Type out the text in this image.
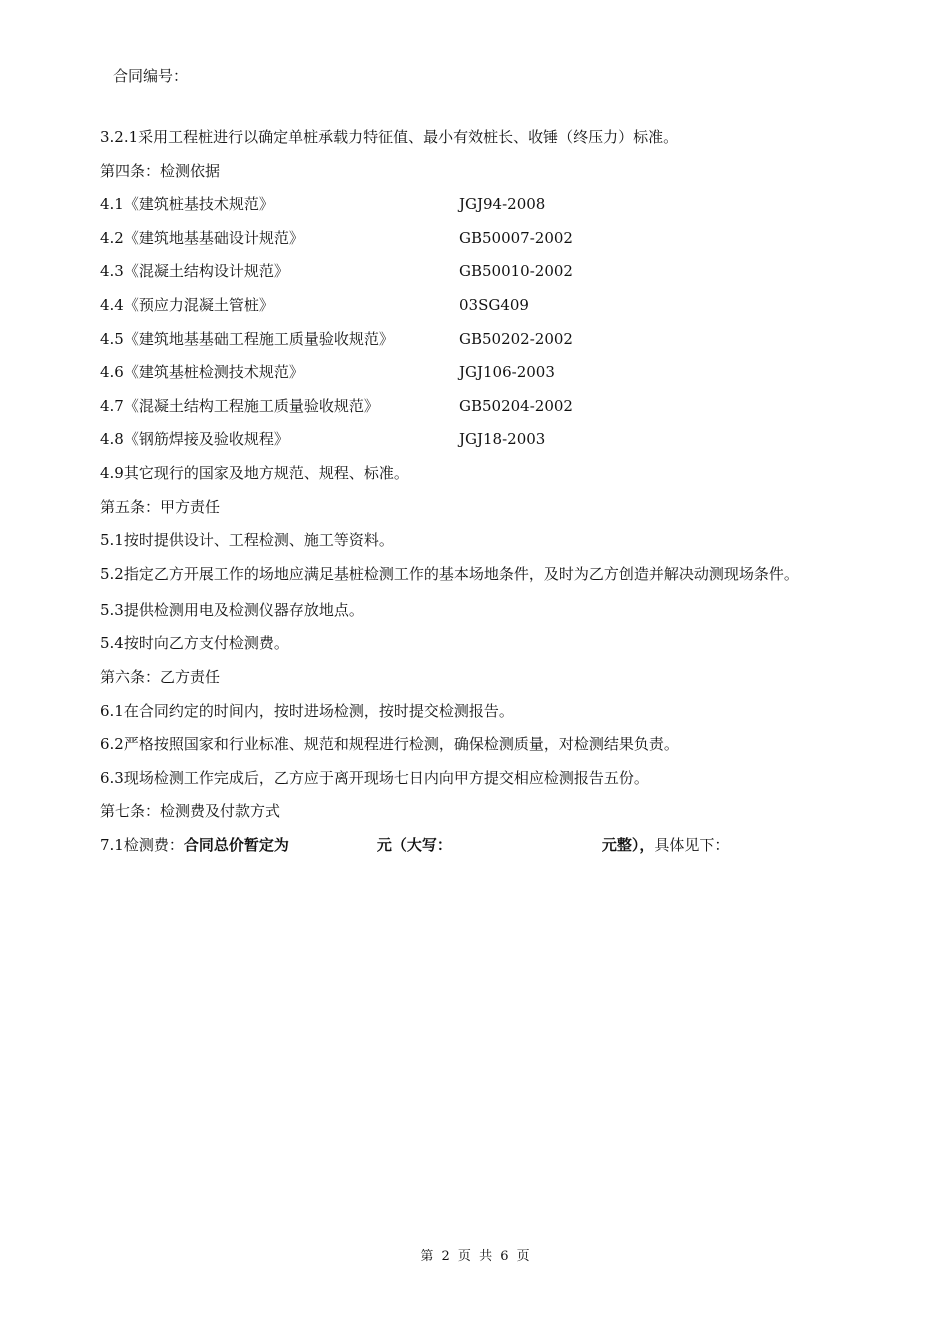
合同编号：
3.2.1采用工程桩进行以确定单桩承载力特征值、最小有效桩长、收锤（终压力）标准。
第四条：检测依据
4.1《建筑桩基技术规范》	JGJ94-2008
4.2《建筑地基基础设计规范》	GB50007-2002
4.3《混凝土结构设计规范》	GB50010-2002
4.4《预应力混凝土管桩》	03SG409
4.5《建筑地基基础工程施工质量验收规范》	GB50202-2002
4.6《建筑基桩检测技术规范》	JGJ106-2003
4.7《混凝土结构工程施工质量验收规范》	GB50204-2002
4.8《钢筋焊接及验收规程》	JGJ18-2003
4.9其它现行的国家及地方规范、规程、标准。
第五条：甲方责任
5.1按时提供设计、工程检测、施工等资料。
5.2指定乙方开展工作的场地应满足基桩检测工作的基本场地条件，及时为乙方创造并解决动测现场条件。
5.3提供检测用电及检测仪器存放地点。
5.4按时向乙方支付检测费。
第六条：乙方责任
6.1在合同约定的时间内，按时进场检测，按时提交检测报告。
6.2严格按照国家和行业标准、规范和规程进行检测，确保检测质量，对检测结果负责。
6.3现场检测工作完成后，乙方应于离开现场七日内向甲方提交相应检测报告五份。
第七条：检测费及付款方式
7.1检测费：合同总价暂定为	元（大写：	元整），具体见下：
第 2 页 共 6 页
